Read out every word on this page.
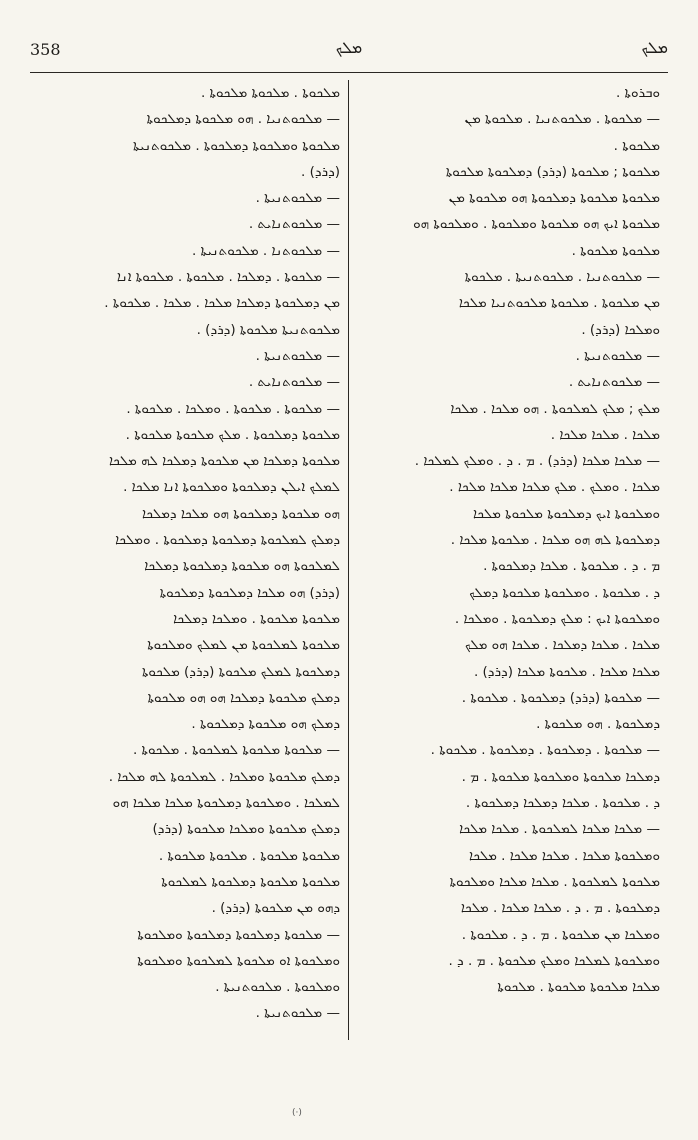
358	ܡܠܟ	ܡܠܟ
ܘܒܪܘܬܐ .
— ܡܠܟܘܬܐ . ܡܠܟܘܬܢܝܐ . ܡܠܟܘܬܐ ܡܢ
ܡܠܟܘܬܐ .
ܡܠܟܘܬܐ ; ܡܠܟܘܬܐ (ܕܪܕ) ܕܡܠܟܘܬܐ ܡܠܟܘܬܐ
ܡܠܟܘܬܐ ܡܠܟܘܬܐ ܕܡܠܟܘܬܐ ܗܘ ܡܠܟܘܬܐ ܡܢ
ܡܠܟܘܬܐ ܐܝܟ ܗܘ ܡܠܟܘܬܐ ܘܡܠܟܘܬܐ . ܘܡܠܟܘܬܐ ܗܘ
ܡܠܟܘܬܐ ܡܠܟܘܬܐ .
— ܡܠܟܘܬܢܝܐ . ܡܠܟܘܬܢܝܬܐ . ܡܠܟܘܬܐ
ܡܢ ܡܠܟܘܬܐ . ܡܠܟܘܬܐ ܡܠܟܘܬܢܝܐ ܡܠܟܐ
ܘܡܠܟܐ (ܕܪܕ) .
— ܡܠܟܘܬܢܝܬܐ .
— ܡܠܟܘܬܢܐܝܬ .
ܡܠܟ ; ܡܠܟ ܠܡܠܟܘܬܐ . ܗܘ ܡܠܟܐ . ܡܠܟܐ
ܡܠܟܐ . ܡܠܟܐ ܡܠܟܐ .
— ܡܠܟܐ ܡܠܟܐ (ܕܪܕ) . ܡ . ܕ . ܘܡܠܟ ܠܡܠܟܐ .
ܡܠܟܐ . ܘܡܠܟ . ܡܠܟ ܡܠܟܐ ܡܠܟܐ ܡܠܟܐ .
ܘܡܠܟܘܬܐ ܐܝܟ ܕܡܠܟܘܬܐ ܡܠܟܘܬܐ ܡܠܟܐ
ܕܡܠܟܘܬܐ ܠܗ ܗܘ ܡܠܟܐ . ܡܠܟܘܬܐ ܡܠܟܐ .
ܡ . ܕ . ܡܠܟܘܬܐ . ܡܠܟܐ ܕܡܠܟܘܬܐ .
ܕ . ܡܠܟܘܬܐ . ܘܡܠܟܘܬܐ ܡܠܟܘܬܐ ܕܡܠܟ
ܘܡܠܟܘܬܐ ܐܝܟ : ܡܠܟ ܕܡܠܟܘܬܐ . ܘܡܠܟܐ .
ܡܠܟܐ . ܡܠܟܐ ܕܡܠܟܐ . ܡܠܟܐ ܗܘ ܡܠܟ
ܡܠܟܐ ܡܠܟܐ . ܡܠܟܘܬܐ ܡܠܟܐ (ܕܪܕ) .
— ܡܠܟܘܬܐ (ܕܪܕ) ܕܡܠܟܘܬܐ . ܡܠܟܘܬܐ .
ܕܡܠܟܘܬܐ . ܗܘ ܡܠܟܘܬܐ .
— ܡܠܟܘܬܐ . ܕܡܠܟܘܬܐ . ܕܡܠܟܘܬܐ . ܡܠܟܘܬܐ .
ܕܡܠܟܐ ܡܠܟܘܬܐ ܘܡܠܟܘܬܐ ܡܠܟܘܬܐ . ܡ .
ܕ . ܡܠܟܘܬܐ . ܡܠܟܐ ܕܡܠܟܐ ܕܡܠܟܘܬܐ .
— ܡܠܟܐ ܡܠܟܐ ܠܡܠܟܘܬܐ . ܡܠܟܐ ܡܠܟܐ
ܘܡܠܟܘܬܐ ܡܠܟܐ . ܡܠܟܐ ܡܠܟܐ . ܡܠܟܐ
ܡܠܟܘܬܐ ܠܡܠܟܘܬܐ . ܡܠܟܐ ܡܠܟܐ ܘܡܠܟܘܬܐ
ܕܡܠܟܘܬܐ . ܡ . ܕ . ܡܠܟܐ ܡܠܟܐ . ܡܠܟܐ
ܘܡܠܟܐ ܡܢ ܡܠܟܘܬܐ . ܡ . ܕ . ܡܠܟܘܬܐ .
ܘܡܠܟܘܬܐ ܠܡܠܟܐ ܘܡܠܟ ܡܠܟܘܬܐ . ܡ . ܕ .
ܡܠܟܐ ܡܠܟܘܬܐ ܡܠܟܘܬܐ . ܡܠܟܘܬܐ
ܡܠܟܘܬܐ . ܡܠܟܘܬܐ ܡܠܟܘܬܐ .
— ܡܠܟܘܬܢܝܐ . ܗܘ ܡܠܟܘܬܐ ܕܡܠܟܘܬܐ
ܡܠܟܘܬܐ ܘܡܠܟܘܬܐ ܕܡܠܟܘܬܐ . ܡܠܟܘܬܢܝܬܐ
(ܕܪܕ) .
— ܡܠܟܘܬܢܝܬܐ .
— ܡܠܟܘܬܢܐܝܬ .
— ܡܠܟܘܬܢܐ . ܡܠܟܘܬܢܝܬܐ .
— ܡܠܟܘܬܐ . ܕܡܠܟܐ . ܡܠܟܘܬܐ . ܡܠܟܘܬܐ ܐܢܐ
ܡܢ ܕܡܠܟܘܬܐ ܕܡܠܟܐ ܡܠܟܐ . ܡܠܟܐ . ܡܠܟܘܬܐ .
ܡܠܟܘܬܢܝܬܐ ܡܠܟܘܬܐ (ܕܪܕ) .
— ܡܠܟܘܬܢܝܬܐ .
— ܡܠܟܘܬܢܐܝܬ .
— ܡܠܟܘܬܐ . ܡܠܟܘܬܐ . ܘܡܠܟܐ . ܡܠܟܘܬܐ .
ܡܠܟܘܬܐ ܕܡܠܟܘܬܐ . ܡܠܟ ܡܠܟܘܬܐ ܡܠܟܘܬܐ .
ܡܠܟܘܬܐ ܕܡܠܟܐ ܡܢ ܡܠܟܘܬܐ ܕܡܠܟܐ ܠܗ ܡܠܟܐ
ܠܡܠܟ ܐܝܠܢ ܕܡܠܟܘܬܐ ܘܡܠܟܘܬܐ ܐܢܐ ܡܠܟܐ .
ܗܘ ܡܠܟܘܬܐ ܕܡܠܟܘܬܐ ܗܘ ܡܠܟܐ ܕܡܠܟܐ
ܕܡܠܟ ܠܡܠܟܘܬܐ ܕܡܠܟܘܬܐ ܕܡܠܟܘܬܐ . ܘܡܠܟܐ
ܠܡܠܟܘܬܐ ܗܘ ܡܠܟܘܬܐ ܕܡܠܟܘܬܐ ܕܡܠܟܐ
(ܕܪܕ) ܗܘ ܡܠܟܐ ܕܡܠܟܘܬܐ ܕܡܠܟܘܬܐ
ܡܠܟܘܬܐ ܡܠܟܘܬܐ . ܘܡܠܟܐ ܕܡܠܟܐ
ܡܠܟܘܬܐ ܠܡܠܟܘܬܐ ܡܢ ܠܡܠܟ ܘܡܠܟܘܬܐ
ܕܡܠܟܘܬܐ ܠܡܠܟ ܡܠܟܘܬܐ (ܕܪܕ) ܡܠܟܘܬܐ
ܕܡܠܟ ܡܠܟܘܬܐ ܕܡܠܟܐ ܗܘ ܗܘ ܡܠܟܘܬܐ
ܕܡܠܟ ܗܘ ܡܠܟܘܬܐ ܕܡܠܟܘܬܐ .
— ܡܠܟܘܬܐ ܡܠܟܘܬܐ ܠܡܠܟܘܬܐ . ܡܠܟܘܬܐ .
ܕܡܠܟ ܡܠܟܘܬܐ ܘܡܠܟܐ . ܠܡܠܟܘܬܐ ܠܗ ܡܠܟܐ .
ܠܡܠܟܐ . ܘܡܠܟܘܬܐ ܕܡܠܟܘܬܐ ܡܠܟܐ ܡܠܟܐ ܗܘ
ܕܡܠܟ ܡܠܟܘܬܐ ܘܡܠܟܐ ܡܠܟܘܬܐ (ܕܪܕ)
ܡܠܟܘܬܐ ܡܠܟܘܬܐ . ܡܠܟܘܬܐ ܡܠܟܘܬܐ .
ܡܠܟܘܬܐ ܡܠܟܘܬܐ ܕܡܠܟܘܬܐ ܠܡܠܟܘܬܐ
ܕܗܘ ܡܢ ܡܠܟܘܬܐ (ܕܪܕ) .
— ܡܠܟܘܬܐ ܕܡܠܟܘܬܐ ܕܡܠܟܘܬܐ ܘܡܠܟܘܬܐ
ܘܡܠܟܘܬܐ ܐܘ ܡܠܟܘܬܐ ܠܡܠܟܘܬܐ ܘܡܠܟܘܬܐ
ܘܡܠܟܘܬܐ . ܡܠܟܘܬܢܝܬܐ .
— ܡܠܟܘܬܢܝܬܐ .
(·)
